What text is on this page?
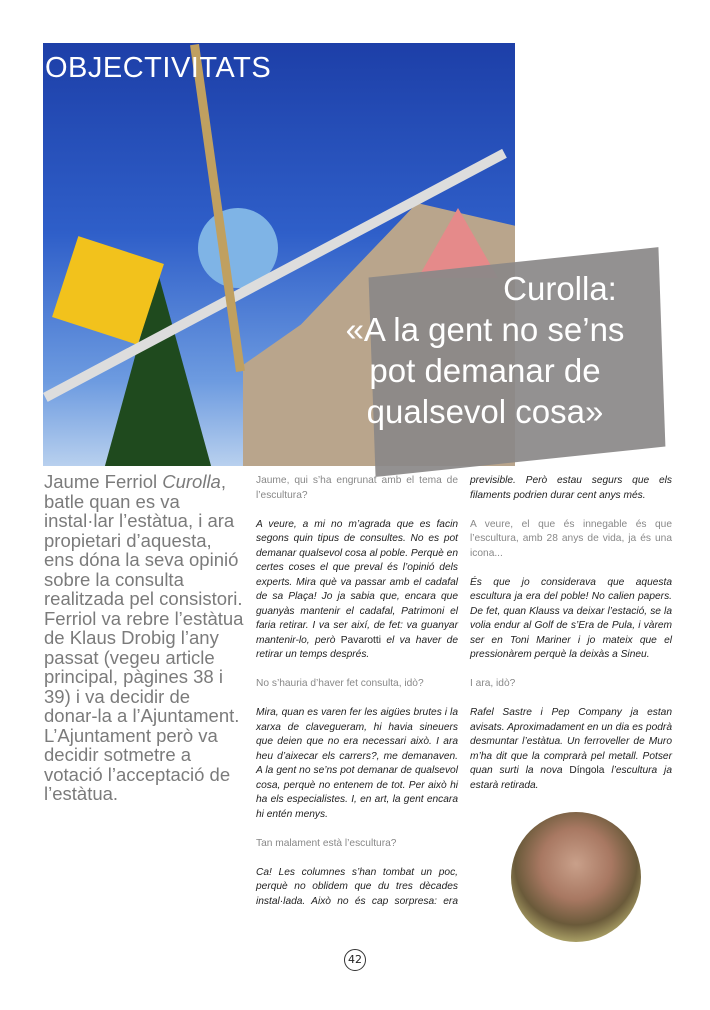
OBJECTIVITATS
Curolla:
«A la gent no se’ns
pot demanar de
qualsevol cosa»
Jaume Ferriol Curolla, batle quan es va instal·lar l’estàtua, i ara propietari d’aquesta, ens dóna la seva opinió sobre la consulta realitzada pel consistori. Ferriol va rebre l’estàtua de Klaus Drobig l’any passat (vegeu article principal, pàgines 38 i 39) i va decidir de donar-la a l’Ajuntament. L’Ajuntament però va decidir sotmetre a votació l’acceptació de l’estàtua.

Jaume, qui s’ha engrunat amb el tema de l’escultura?

A veure, a mi no m’agrada que es facin segons quin tipus de consultes. No es pot demanar qualsevol cosa al poble. Perquè en certes coses el que preval és l’opinió dels experts. Mira què va passar amb el cadafal de sa Plaça! Jo ja sabia que, encara que guanyàs mantenir el cadafal, Patrimoni el faria retirar. I va ser així, de fet: va guanyar mantenir-lo, però Pavarotti el va haver de retirar un temps després.

No s’hauria d’haver fet consulta, idò?

Mira, quan es varen fer les aigües brutes i la xarxa de clavegueram, hi havia sineuers que deien que no era necessari això. I ara heu d’aixecar els carrers?, me demanaven. A la gent no se’ns pot demanar de qualsevol cosa, perquè no entenem de tot. Per això hi ha els especialistes. I, en art, la gent encara hi entén menys.

Tan malament està l’escultura?

Ca! Les columnes s’han tombat un poc, perquè no oblidem que du tres dècades instal·lada. Això no és cap sorpresa: era previsible. Però estau segurs que els filaments podrien durar cent anys més.

A veure, el que és innegable és que l’escultura, amb 28 anys de vida, ja és una icona...

És que jo considerava que aquesta escultura ja era del poble! No calien papers. De fet, quan Klauss va deixar l’estació, se la volia endur al Golf de s’Era de Pula, i vàrem ser en Toni Mariner i jo mateix que el pressionàrem perquè la deixàs a Sineu.

I ara, idò?

Rafel Sastre i Pep Company ja estan avisats. Aproximadament en un dia es podrà desmuntar l’estàtua. Un ferroveller de Muro m’ha dit que la comprarà pel metall. Potser quan surti la nova Díngola l’escultura ja estarà retirada.

42
